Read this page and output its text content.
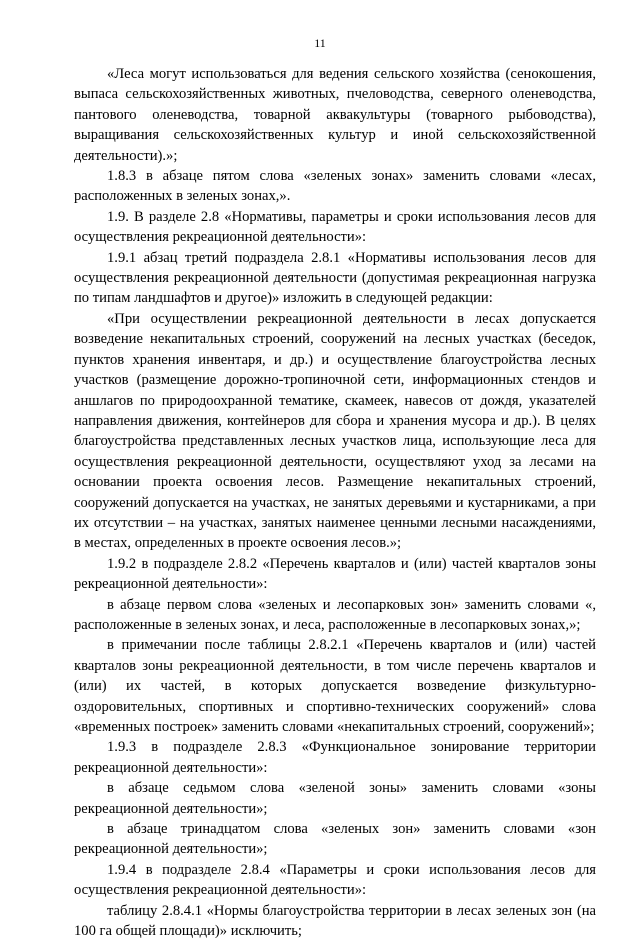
11

«Леса могут использоваться для ведения сельского хозяйства (сенокошения, выпаса сельскохозяйственных животных, пчеловодства, северного оленеводства, пантового оленеводства, товарной аквакультуры (товарного рыбоводства), выращивания сельскохозяйственных культур и иной сельскохозяйственной деятельности).»;

1.8.3 в абзаце пятом слова «зеленых зонах» заменить словами «лесах, расположенных в зеленых зонах,».

1.9. В разделе 2.8 «Нормативы, параметры и сроки использования лесов для осуществления рекреационной деятельности»:

1.9.1 абзац третий подраздела 2.8.1 «Нормативы использования лесов для осуществления рекреационной деятельности (допустимая рекреационная нагрузка по типам ландшафтов и другое)» изложить в следующей редакции:

«При осуществлении рекреационной деятельности в лесах допускается возведение некапитальных строений, сооружений на лесных участках (беседок, пунктов хранения инвентаря, и др.) и осуществление благоустройства лесных участков (размещение дорожно-тропиночной сети, информационных стендов и аншлагов по природоохранной тематике, скамеек, навесов от дождя, указателей направления движения, контейнеров для сбора и хранения мусора и др.). В целях благоустройства представленных лесных участков лица, использующие леса для осуществления рекреационной деятельности, осуществляют уход за лесами на основании проекта освоения лесов. Размещение некапитальных строений, сооружений допускается на участках, не занятых деревьями и кустарниками, а при их отсутствии – на участках, занятых наименее ценными лесными насаждениями, в местах, определенных в проекте освоения лесов.»;

1.9.2 в подразделе 2.8.2 «Перечень кварталов и (или) частей кварталов зоны рекреационной деятельности»:

в абзаце первом слова «зеленых и лесопарковых зон» заменить словами «, расположенные в зеленых зонах, и леса, расположенные в лесопарковых зонах,»;

в примечании после таблицы 2.8.2.1 «Перечень кварталов и (или) частей кварталов зоны рекреационной деятельности, в том числе перечень кварталов и (или) их частей, в которых допускается возведение физкультурно-оздоровительных, спортивных и спортивно-технических сооружений» слова «временных построек» заменить словами «некапитальных строений, сооружений»;

1.9.3 в подразделе 2.8.3 «Функциональное зонирование территории рекреационной деятельности»:

в абзаце седьмом слова «зеленой зоны» заменить словами «зоны рекреационной деятельности»;

в абзаце тринадцатом слова «зеленых зон» заменить словами «зон рекреационной деятельности»;

1.9.4 в подразделе 2.8.4 «Параметры и сроки использования лесов для осуществления рекреационной деятельности»:

таблицу 2.8.4.1 «Нормы благоустройства территории в лесах зеленых зон (на 100 га общей площади)» исключить;
